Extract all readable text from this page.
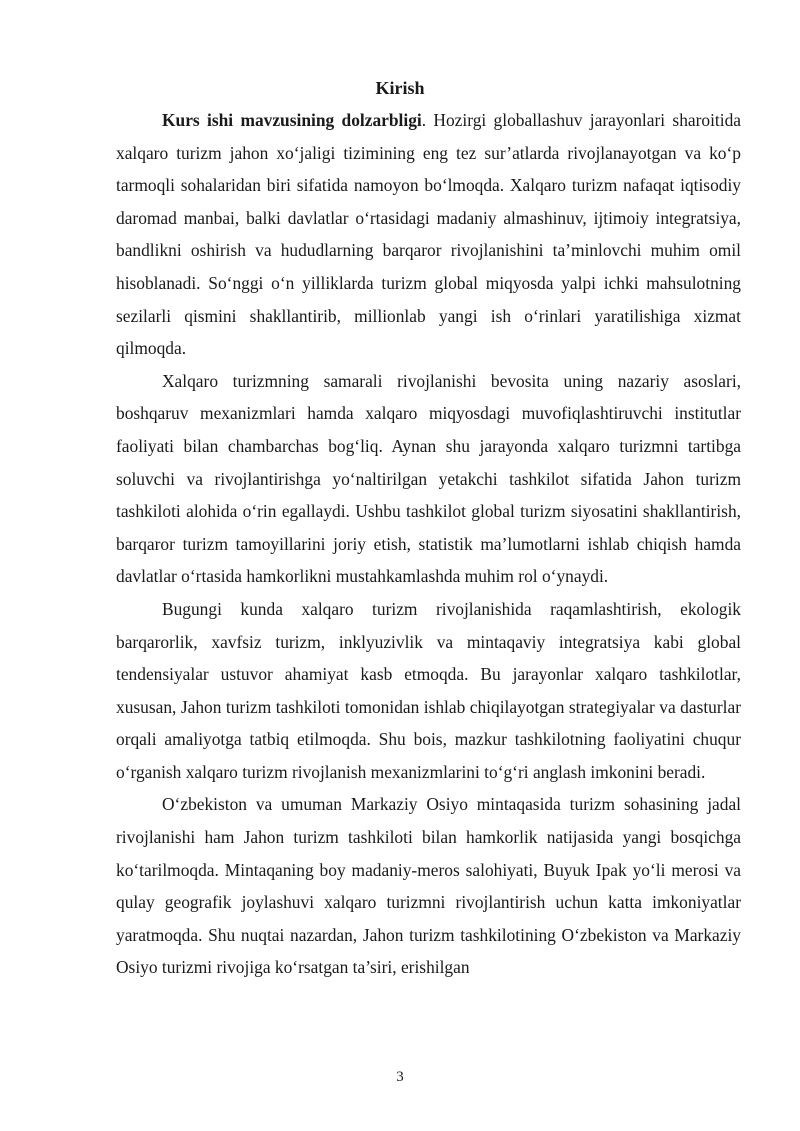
Kirish

Kurs ishi mavzusining dolzarbligi. Hozirgi globallashuv jarayonlari sharoitida xalqaro turizm jahon xo‘jaligi tizimining eng tez sur’atlarda rivojlanayotgan va ko‘p tarmoqli sohalaridan biri sifatida namoyon bo‘lmoqda. Xalqaro turizm nafaqat iqtisodiy daromad manbai, balki davlatlar o‘rtasidagi madaniy almashinuv, ijtimoiy integratsiya, bandlikni oshirish va hududlarning barqaror rivojlanishini ta’minlovchi muhim omil hisoblanadi. So‘nggi o‘n yilliklarda turizm global miqyosda yalpi ichki mahsulotning sezilarli qismini shakllantirib, millionlab yangi ish o‘rinlari yaratilishiga xizmat qilmoqda.

Xalqaro turizmning samarali rivojlanishi bevosita uning nazariy asoslari, boshqaruv mexanizmlari hamda xalqaro miqyosdagi muvofiqlashtiruvchi institutlar faoliyati bilan chambarchas bog‘liq. Aynan shu jarayonda xalqaro turizmni tartibga soluvchi va rivojlantirishga yo‘naltirilgan yetakchi tashkilot sifatida Jahon turizm tashkiloti alohida o‘rin egallaydi. Ushbu tashkilot global turizm siyosatini shakllantirish, barqaror turizm tamoyillarini joriy etish, statistik ma’lumotlarni ishlab chiqish hamda davlatlar o‘rtasida hamkorlikni mustahkamlashda muhim rol o‘ynaydi.

Bugungi kunda xalqaro turizm rivojlanishida raqamlashtirish, ekologik barqarorlik, xavfsiz turizm, inklyuzivlik va mintaqaviy integratsiya kabi global tendensiyalar ustuvor ahamiyat kasb etmoqda. Bu jarayonlar xalqaro tashkilotlar, xususan, Jahon turizm tashkiloti tomonidan ishlab chiqilayotgan strategiyalar va dasturlar orqali amaliyotga tatbiq etilmoqda. Shu bois, mazkur tashkilotning faoliyatini chuqur o‘rganish xalqaro turizm rivojlanish mexanizmlarini to‘g‘ri anglash imkonini beradi.

O‘zbekiston va umuman Markaziy Osiyo mintaqasida turizm sohasining jadal rivojlanishi ham Jahon turizm tashkiloti bilan hamkorlik natijasida yangi bosqichga ko‘tarilmoqda. Mintaqaning boy madaniy-meros salohiyati, Buyuk Ipak yo‘li merosi va qulay geografik joylashuvi xalqaro turizmni rivojlantirish uchun katta imkoniyatlar yaratmoqda. Shu nuqtai nazardan, Jahon turizm tashkilotining O‘zbekiston va Markaziy Osiyo turizmi rivojiga ko‘rsatgan ta’siri, erishilgan

3
